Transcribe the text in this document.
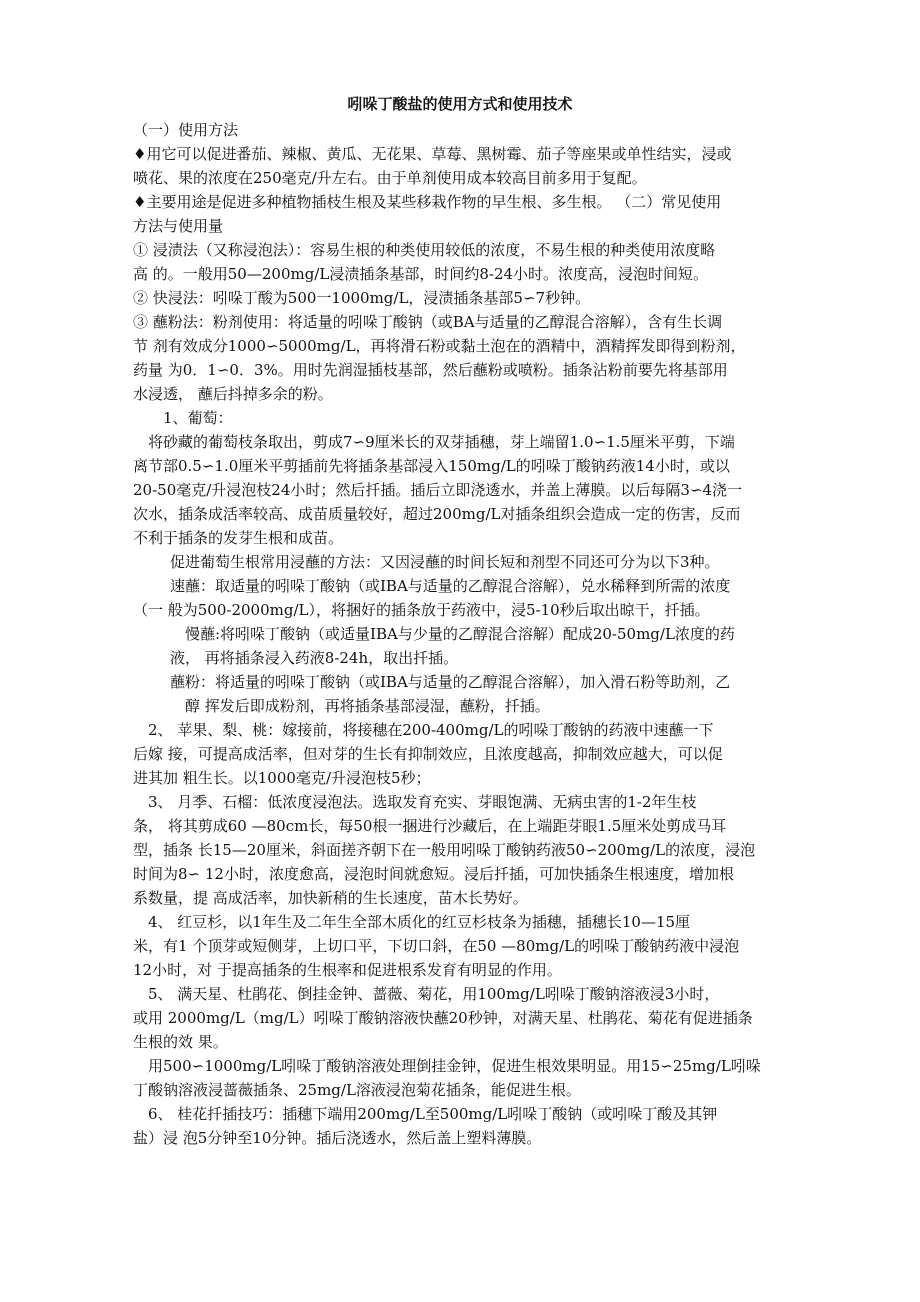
吲哚丁酸盐的使用方式和使用技术
（一）使用方法
♦用它可以促进番茄、辣椒、黄瓜、无花果、草莓、黑树霉、茄子等座果或单性结实，浸或
喷花、果的浓度在250毫克/升左右。由于单剂使用成本较高目前多用于复配。
♦主要用途是促进多种植物插枝生根及某些移栽作物的早生根、多生根。 （二）常见使用
方法与使用量
① 浸渍法（又称浸泡法）：容易生根的种类使用较低的浓度，不易生根的种类使用浓度略
高 的。一般用50—200mg/L浸渍插条基部，时间约8-24小时。浓度高，浸泡时间短。
② 快浸法：吲哚丁酸为500一1000mg/L，浸渍插条基部5∽7秒钟。
③ 蘸粉法：粉剂使用：将适量的吲哚丁酸钠（或BA与适量的乙醇混合溶解），含有生长调
节 剂有效成分1000∽5000mg/L，再将滑石粉或黏土泡在的酒精中，酒精挥发即得到粉剂，
药量 为0．1∽0．3%。用时先润湿插枝基部，然后蘸粉或喷粉。插条沾粉前要先将基部用
水浸透， 蘸后抖掉多余的粉。
1、葡萄：
将砂藏的葡萄枝条取出，剪成7∽9厘米长的双芽插穗，芽上端留1.0∽1.5厘米平剪，下端
离节部0.5∽1.0厘米平剪插前先将插条基部浸入150mg/L的吲哚丁酸钠药液14小时，或以
20-50毫克/升浸泡枝24小时；然后扦插。插后立即浇透水，并盖上薄膜。以后每隔3∽4浇一
次水，插条成活率较高、成苗质量较好，超过200mg/L对插条组织会造成一定的伤害，反而
不利于插条的发芽生根和成苗。
促进葡萄生根常用浸蘸的方法：又因浸蘸的时间长短和剂型不同还可分为以下3种。
速蘸：取适量的吲哚丁酸钠（或IBA与适量的乙醇混合溶解），兑水稀释到所需的浓度
（一 般为500-2000mg/L），将捆好的插条放于药液中，浸5-10秒后取出晾干，扦插。
慢蘸:将吲哚丁酸钠（或适量IBA与少量的乙醇混合溶解）配成20-50mg/L浓度的药
液， 再将插条浸入药液8-24h，取出扦插。
蘸粉：将适量的吲哚丁酸钠（或IBA与适量的乙醇混合溶解），加入滑石粉等助剂，乙
醇 挥发后即成粉剂，再将插条基部浸湿，蘸粉，扦插。
2、 苹果、梨、桃：嫁接前，将接穗在200-400mg/L的吲哚丁酸钠的药液中速蘸一下
后嫁 接，可提高成活率，但对芽的生长有抑制效应，且浓度越高，抑制效应越大，可以促
进其加 粗生长。以1000毫克/升浸泡枝5秒；
3、 月季、石榴：低浓度浸泡法。选取发育充实、芽眼饱满、无病虫害的1-2年生枝
条， 将其剪成60 —80cm长，每50根一捆进行沙藏后，在上端距芽眼1.5厘米处剪成马耳
型，插条 长15—20厘米，斜面搓齐朝下在一般用吲哚丁酸钠药液50∽200mg/L的浓度，浸泡
时间为8∽ 12小时，浓度愈高，浸泡时间就愈短。浸后扦插，可加快插条生根速度，增加根
系数量，提 高成活率，加快新稍的生长速度，苗木长势好。
4、 红豆杉，以1年生及二年生全部木质化的红豆杉枝条为插穗，插穗长10—15厘
米，有1 个顶芽或短侧芽，上切口平，下切口斜，在50 —80mg/L的吲哚丁酸钠药液中浸泡
12小时，对 于提高插条的生根率和促进根系发育有明显的作用。
5、 满天星、杜鹃花、倒挂金钟、蔷薇、菊花，用100mg/L吲哚丁酸钠溶液浸3小时，
或用 2000mg/L（mg/L）吲哚丁酸钠溶液快蘸20秒钟，对满天星、杜鹃花、菊花有促进插条
生根的效 果。
用500∽1000mg/L吲哚丁酸钠溶液处理倒挂金钟，促进生根效果明显。用15∽25mg/L吲哚
丁酸钠溶液浸蔷薇插条、25mg/L溶液浸泡菊花插条，能促进生根。
6、 桂花扦插技巧：插穗下端用200mg/L至500mg/L吲哚丁酸钠（或吲哚丁酸及其钾
盐）浸 泡5分钟至10分钟。插后浇透水，然后盖上塑料薄膜。
